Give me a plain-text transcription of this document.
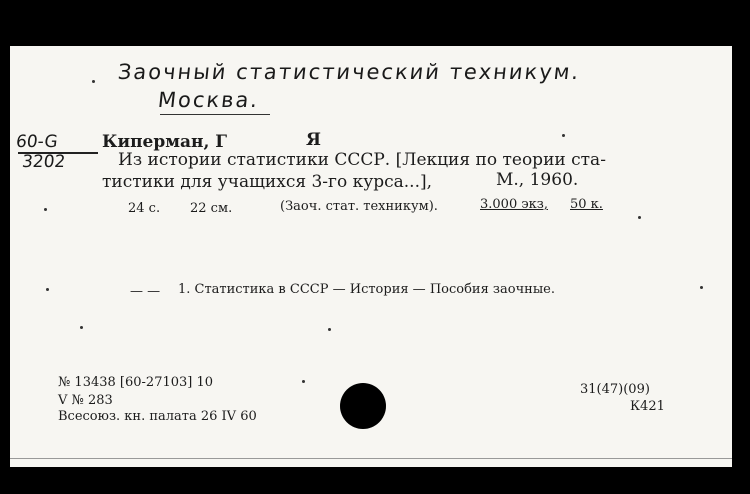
Заочный статистический техникум.
Москва.
60-G
3202
Киперман, Г	Я
Из истории статистики СССР. [Лекция по теории ста-
тистики для учащихся 3-го курса...],	М., 1960.
24 с. 22 см.	(Заоч. стат. техникум).	3.000 экз, 50 к.
— — 1. Статистика в СССР — История — Пособия заочные.
№ 13438 [60-27103] 10
V № 283
Всесоюз. кн. палата 26 IV 60
31(47)(09)
К421
